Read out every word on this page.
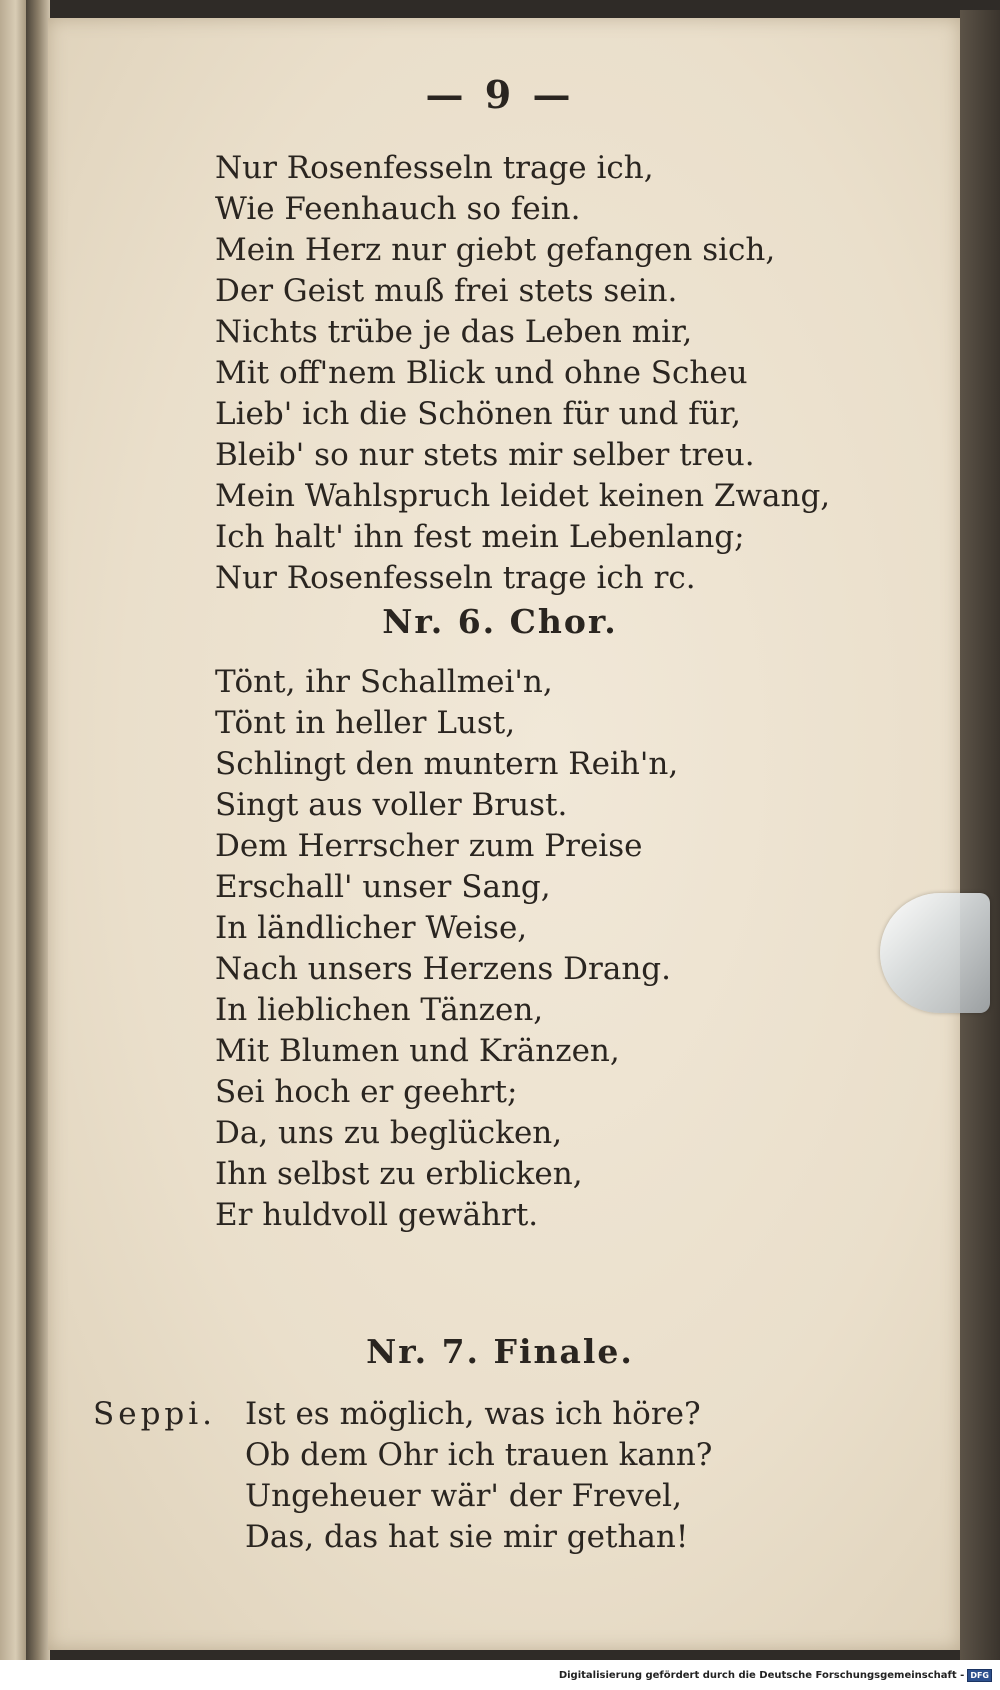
— 9 —
Nur Rosenfesseln trage ich,
Wie Feenhauch so fein.
Mein Herz nur giebt gefangen sich,
Der Geist muß frei stets sein.
Nichts trübe je das Leben mir,
Mit off'nem Blick und ohne Scheu
Lieb' ich die Schönen für und für,
Bleib' so nur stets mir selber treu.
Mein Wahlspruch leidet keinen Zwang,
Ich halt' ihn fest mein Lebenlang;
Nur Rosenfesseln trage ich rc.
Nr. 6. Chor.
Tönt, ihr Schallmei'n,
Tönt in heller Lust,
Schlingt den muntern Reih'n,
Singt aus voller Brust.
Dem Herrscher zum Preise
Erschall' unser Sang,
In ländlicher Weise,
Nach unsers Herzens Drang.
In lieblichen Tänzen,
Mit Blumen und Kränzen,
Sei hoch er geehrt;
Da, uns zu beglücken,
Ihn selbst zu erblicken,
Er huldvoll gewährt.
Nr. 7. Finale.
Seppi. Ist es möglich, was ich höre?
Ob dem Ohr ich trauen kann?
Ungeheuer wär' der Frevel,
Das, das hat sie mir gethan!
Digitalisierung gefördert durch die Deutsche Forschungsgemeinschaft - DFG
